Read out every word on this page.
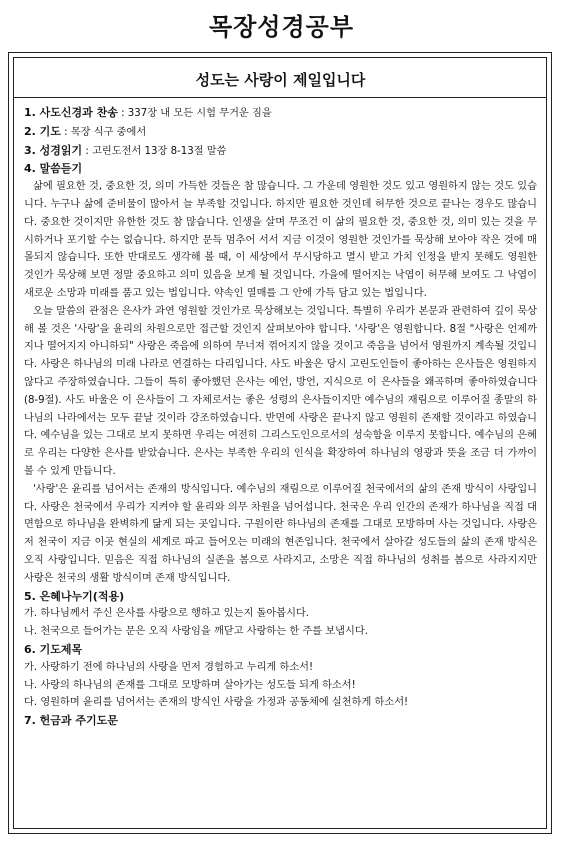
목장성경공부
성도는 사랑이 제일입니다
1. 사도신경과 찬송 : 337장 내 모든 시험 무거운 짐을
2. 기도 : 목장 식구 중에서
3. 성경읽기 : 고린도전서 13장 8-13절 말씀
4. 말씀듣기

삶에 필요한 것, 중요한 것, 의미 가득한 것들은 참 많습니다. 그 가운데 영원한 것도 있고 영원하지 않는 것도 있습니다. 누구나 삶에 준비물이 많아서 늘 부족할 것입니다. 하지만 필요한 것인데 허무한 것으로 끝나는 경우도 많습니다. 중요한 것이지만 유한한 것도 참 많습니다. 인생을 살며 무조건 이 삶의 필요한 것, 중요한 것, 의미 있는 것을 무시하거나 포기할 수는 없습니다. 하지만 문득 멈추어 서서 지금 이것이 영원한 것인가를 묵상해 보아야 작은 것에 매몰되지 않습니다. 또한 반대로도 생각해 볼 때, 이 세상에서 무시당하고 멸시 받고 가치 인정을 받지 못해도 영원한 것인가 묵상해 보면 정말 중요하고 의미 있음을 보게 될 것입니다. 가을에 떨어지는 낙엽이 허무해 보여도 그 낙엽이 새로운 소망과 미래를 품고 있는 법입니다. 약속인 열매를 그 안에 가득 담고 있는 법입니다.

오늘 말씀의 관점은 은사가 과연 영원할 것인가로 묵상해보는 것입니다. 특별히 우리가 본문과 관련하여 깊이 묵상해 볼 것은 '사랑'을 윤리의 차원으로만 접근할 것인지 살펴보아야 합니다. '사랑'은 영원합니다. 8절 "사랑은 언제까지나 떨어지지 아니하되" 사랑은 죽음에 의하여 무너져 꺾어지지 않을 것이고 죽음을 넘어서 영원까지 계속될 것입니다. 사랑은 하나님의 미래 나라로 연결하는 다리입니다. 사도 바울은 당시 고린도인들이 좋아하는 은사들은 영원하지 않다고 주장하였습니다. 그들이 특히 좋아했던 은사는 예언, 방언, 지식으로 이 은사들을 왜곡하며 좋아하였습니다(8-9절). 사도 바울은 이 은사들이 그 자체로서는 좋은 성령의 은사들이지만 예수님의 재림으로 이루어질 종말의 하나님의 나라에서는 모두 끝날 것이라 강조하였습니다. 반면에 사랑은 끝나지 않고 영원히 존재할 것이라고 하였습니다. 예수님을 있는 그대로 보지 못하면 우리는 여전히 그리스도인으로서의 성숙함을 이루지 못합니다. 예수님의 은혜로 우리는 다양한 은사를 받았습니다. 은사는 부족한 우리의 인식을 확장하여 하나님의 영광과 뜻을 조금 더 가까이 볼 수 있게 만듭니다.

'사랑'은 윤리를 넘어서는 존재의 방식입니다. 예수님의 재림으로 이루어질 천국에서의 삶의 존재 방식이 사랑입니다. 사랑은 천국에서 우리가 지켜야 할 윤리와 의무 차원을 넘어섭니다. 천국은 우리 인간의 존재가 하나님을 직접 대면함으로 하나님을 완벽하게 닮게 되는 곳입니다. 구원이란 하나님의 존재를 그대로 모방하며 사는 것입니다. 사랑은 저 천국이 지금 이곳 현실의 세계로 파고 들어오는 미래의 현존입니다. 천국에서 살아갈 성도들의 삶의 존재 방식은 오직 사랑입니다. 믿음은 직접 하나님의 실존을 봄으로 사라지고, 소망은 직접 하나님의 성취를 봄으로 사라지지만 사랑은 천국의 생활 방식이며 존재 방식입니다.

5. 은혜나누기(적용)
가. 하나님께서 주신 은사를 사랑으로 행하고 있는지 돌아봅시다.
나. 천국으로 들어가는 문은 오직 사랑임을 깨닫고 사랑하는 한 주를 보냅시다.
6. 기도제목
가. 사랑하기 전에 하나님의 사랑을 먼저 경험하고 누리게 하소서!
나. 사랑의 하나님의 존재를 그대로 모방하며 살아가는 성도들 되게 하소서!
다. 영원하며 윤리를 넘어서는 존재의 방식인 사랑을 가정과 공동체에 실천하게 하소서!
7. 헌금과 주기도문
